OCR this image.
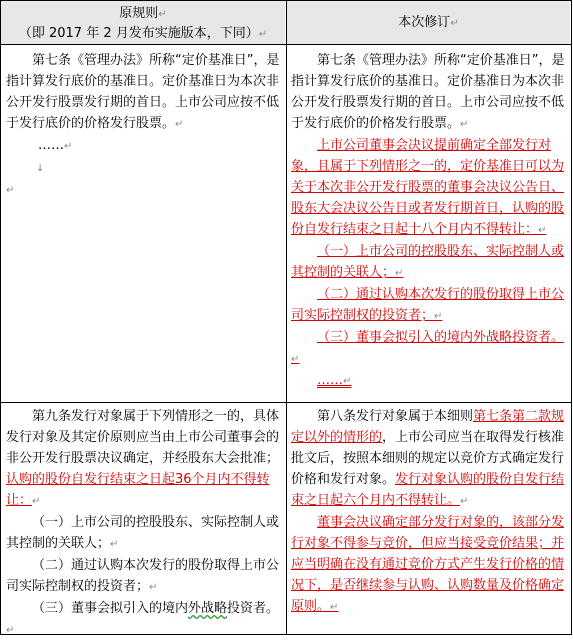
原规则↵
（即 2017 年 2 月发布实施版本，下同）↵
本次修订↵

第七条《管理办法》所称“定价基准日”，是指计算发行底价的基准日。定价基准日为本次非公开发行股票发行期的首日。上市公司应按不低于发行底价的价格发行股票。↵

……↵

↓

↵

第七条《管理办法》所称“定价基准日”，是指计算发行底价的基准日。定价基准日为本次非公开发行股票发行期的首日。上市公司应按不低于发行底价的价格发行股票。↵

上市公司董事会决议提前确定全部发行对象，且属于下列情形之一的，定价基准日可以为关于本次非公开发行股票的董事会决议公告日、股东大会决议公告日或者发行期首日，认购的股份自发行结束之日起十八个月内不得转让：↵

（一）上市公司的控股股东、实际控制人或其控制的关联人；↵

（二）通过认购本次发行的股份取得上市公司实际控制权的投资者；↵

（三）董事会拟引入的境内外战略投资者。↵

……↵

第九条发行对象属于下列情形之一的，具体发行对象及其定价原则应当由上市公司董事会的非公开发行股票决议确定，并经股东大会批准；认购的股份自发行结束之日起36个月内不得转让：↵

（一）上市公司的控股股东、实际控制人或其控制的关联人；↵

（二）通过认购本次发行的股份取得上市公司实际控制权的投资者；↵

（三）董事会拟引入的境内外战略投资者。↵

第八条发行对象属于本细则第七条第二款规定以外的情形的，上市公司应当在取得发行核准批文后，按照本细则的规定以竞价方式确定发行价格和发行对象。发行对象认购的股份自发行结束之日起六个月内不得转让。↵

董事会决议确定部分发行对象的，该部分发行对象不得参与竞价，但应当接受竞价结果；并应当明确在没有通过竞价方式产生发行价格的情况下，是否继续参与认购、认购数量及价格确定原则。↵
